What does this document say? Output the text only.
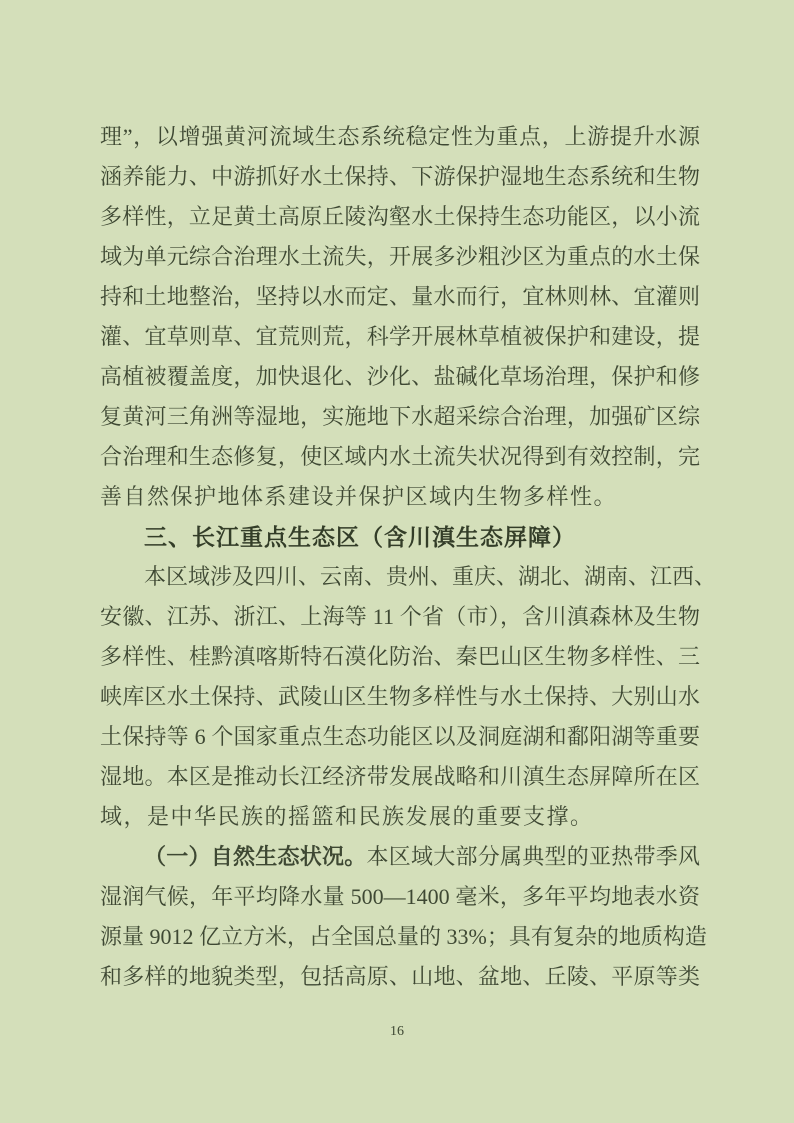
理”，以增强黄河流域生态系统稳定性为重点，上游提升水源
涵养能力、中游抓好水土保持、下游保护湿地生态系统和生物
多样性，立足黄土高原丘陵沟壑水土保持生态功能区，以小流
域为单元综合治理水土流失，开展多沙粗沙区为重点的水土保
持和土地整治，坚持以水而定、量水而行，宜林则林、宜灌则
灌、宜草则草、宜荒则荒，科学开展林草植被保护和建设，提
高植被覆盖度，加快退化、沙化、盐碱化草场治理，保护和修
复黄河三角洲等湿地，实施地下水超采综合治理，加强矿区综
合治理和生态修复，使区域内水土流失状况得到有效控制，完
善自然保护地体系建设并保护区域内生物多样性。
三、长江重点生态区（含川滇生态屏障）
本区域涉及四川、云南、贵州、重庆、湖北、湖南、江西、
安徽、江苏、浙江、上海等 11 个省（市），含川滇森林及生物
多样性、桂黔滇喀斯特石漠化防治、秦巴山区生物多样性、三
峡库区水土保持、武陵山区生物多样性与水土保持、大别山水
土保持等 6 个国家重点生态功能区以及洞庭湖和鄱阳湖等重要
湿地。本区是推动长江经济带发展战略和川滇生态屏障所在区
域，是中华民族的摇篮和民族发展的重要支撑。
（一）自然生态状况。本区域大部分属典型的亚热带季风
湿润气候，年平均降水量 500—1400 毫米，多年平均地表水资
源量 9012 亿立方米，占全国总量的 33%；具有复杂的地质构造
和多样的地貌类型，包括高原、山地、盆地、丘陵、平原等类
16
